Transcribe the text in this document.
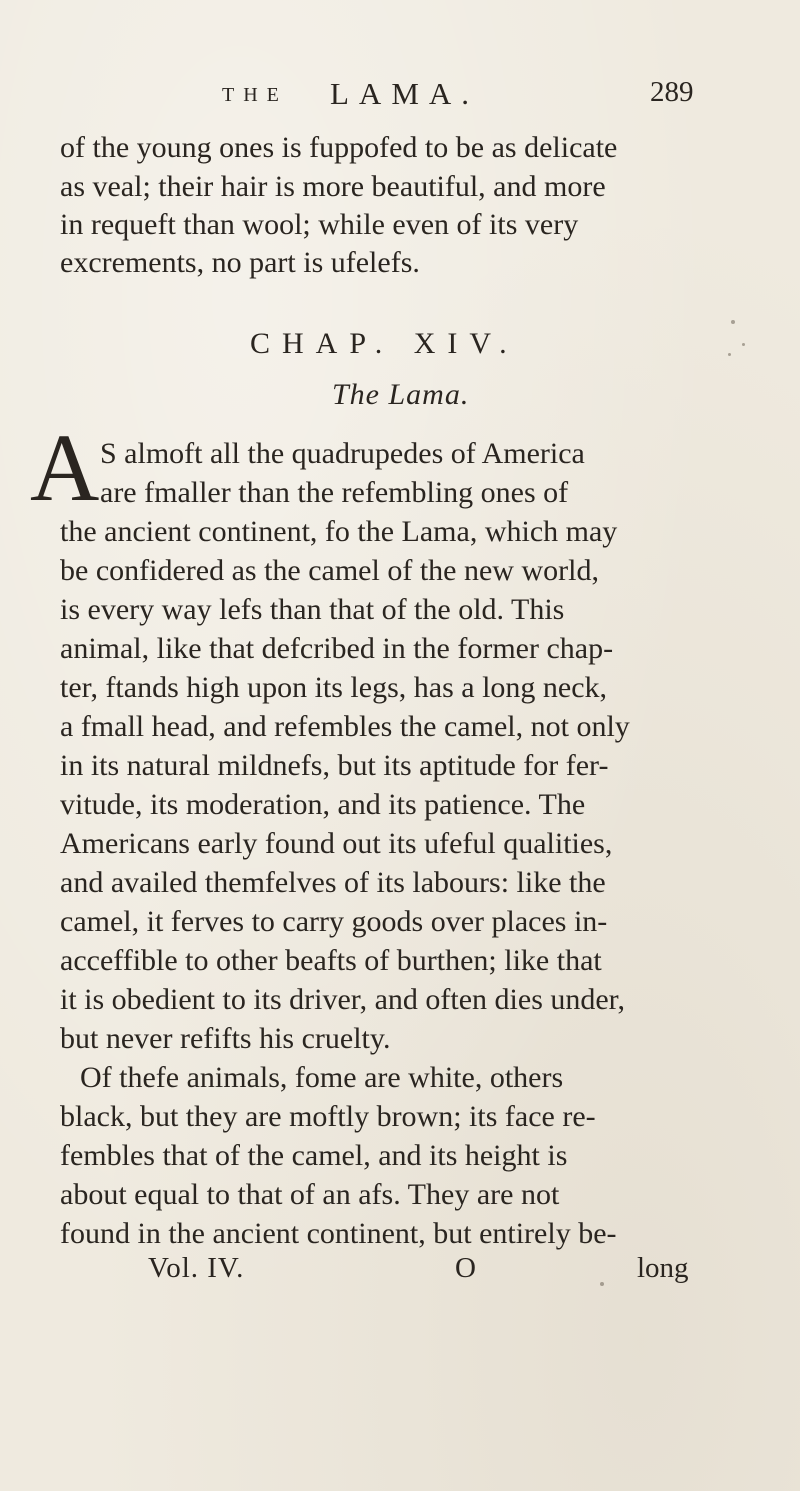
THE LAMA.	289
of the young ones is fuppofed to be as delicate
as veal; their hair is more beautiful, and more
in requeft than wool; while even of its very
excrements, no part is ufelefs.
CHAP. XIV.
The Lama.
A S almoft all the quadrupedes of America
are fmaller than the refembling ones of
the ancient continent, fo the Lama, which may
be confidered as the camel of the new world,
is every way lefs than that of the old. This
animal, like that defcribed in the former chap-
ter, ftands high upon its legs, has a long neck,
a fmall head, and refembles the camel, not only
in its natural mildnefs, but its aptitude for fer-
vitude, its moderation, and its patience. The
Americans early found out its ufeful qualities,
and availed themfelves of its labours: like the
camel, it ferves to carry goods over places in-
acceffible to other beafts of burthen; like that
it is obedient to its driver, and often dies under,
but never refifts his cruelty.
Of thefe animals, fome are white, others
black, but they are moftly brown; its face re-
fembles that of the camel, and its height is
about equal to that of an afs. They are not
found in the ancient continent, but entirely be-
Vol. IV.	O	long
